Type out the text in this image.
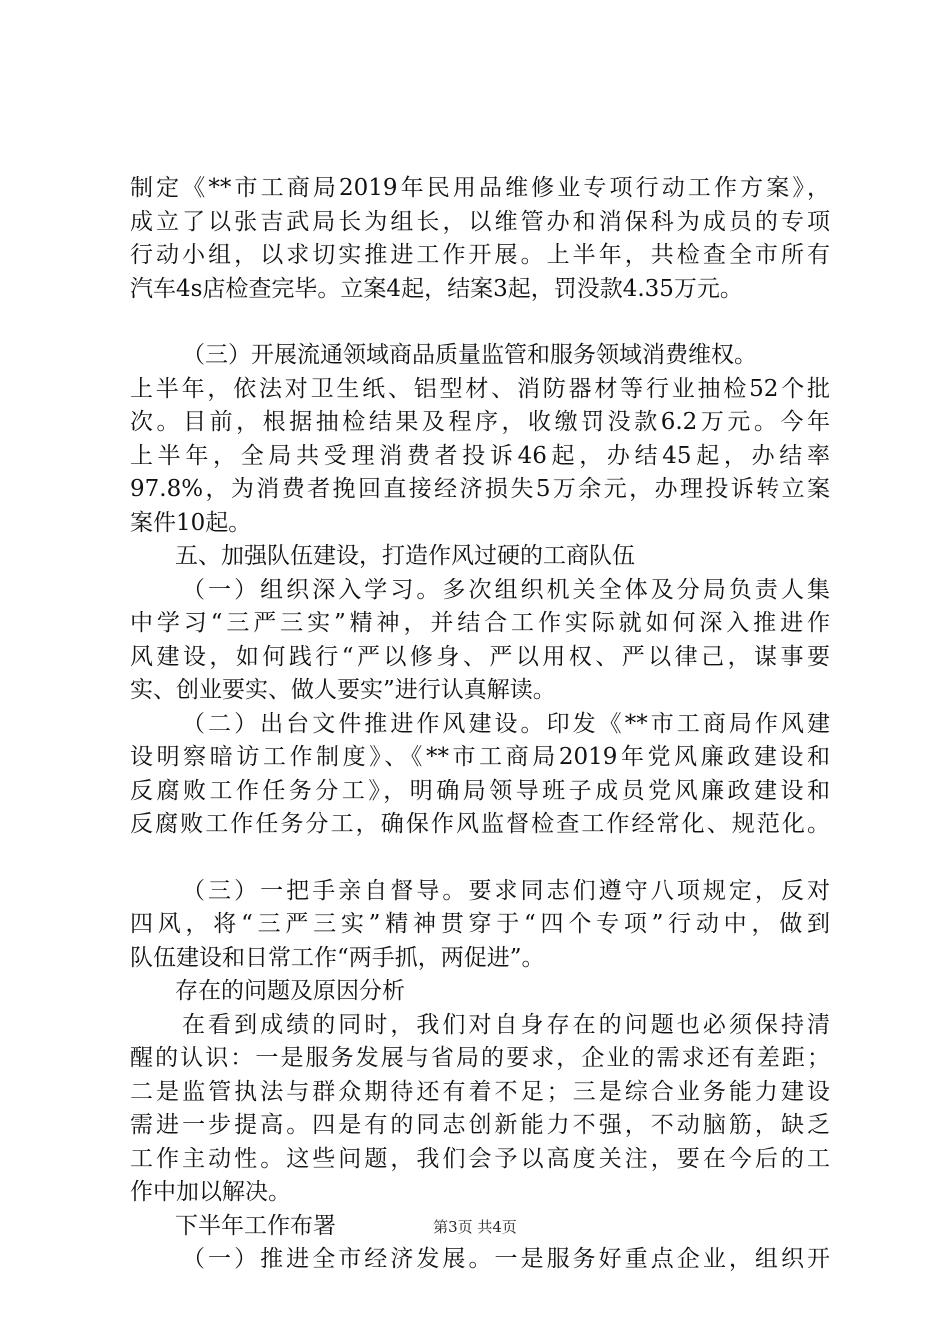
制定《**市工商局2019年民用品维修业专项行动工作方案》，
成立了以张吉武局长为组长，以维管办和消保科为成员的专项
行动小组，以求切实推进工作开展。上半年，共检查全市所有
汽车4s店检查完毕。立案4起，结案3起，罚没款4.35万元。
（三）开展流通领域商品质量监管和服务领域消费维权。
上半年，依法对卫生纸、铝型材、消防器材等行业抽检52个批
次。目前，根据抽检结果及程序，收缴罚没款6.2万元。今年
上半年，全局共受理消费者投诉46起，办结45起，办结率
97.8%，为消费者挽回直接经济损失5万余元，办理投诉转立案
案件10起。
五、加强队伍建设，打造作风过硬的工商队伍
（一）组织深入学习。多次组织机关全体及分局负责人集
中学习“三严三实”精神，并结合工作实际就如何深入推进作
风建设，如何践行“严以修身、严以用权、严以律己，谋事要
实、创业要实、做人要实”进行认真解读。
（二）出台文件推进作风建设。印发《**市工商局作风建
设明察暗访工作制度》、《**市工商局2019年党风廉政建设和
反腐败工作任务分工》，明确局领导班子成员党风廉政建设和
反腐败工作任务分工，确保作风监督检查工作经常化、规范化。
（三）一把手亲自督导。要求同志们遵守八项规定，反对
四风，将“三严三实”精神贯穿于“四个专项”行动中，做到
队伍建设和日常工作“两手抓，两促进”。
存在的问题及原因分析
在看到成绩的同时，我们对自身存在的问题也必须保持清
醒的认识：一是服务发展与省局的要求，企业的需求还有差距；
二是监管执法与群众期待还有着不足；三是综合业务能力建设
需进一步提高。四是有的同志创新能力不强，不动脑筋，缺乏
工作主动性。这些问题，我们会予以高度关注，要在今后的工
作中加以解决。
下半年工作布署
（一）推进全市经济发展。一是服务好重点企业，组织开
第3页 共4页
